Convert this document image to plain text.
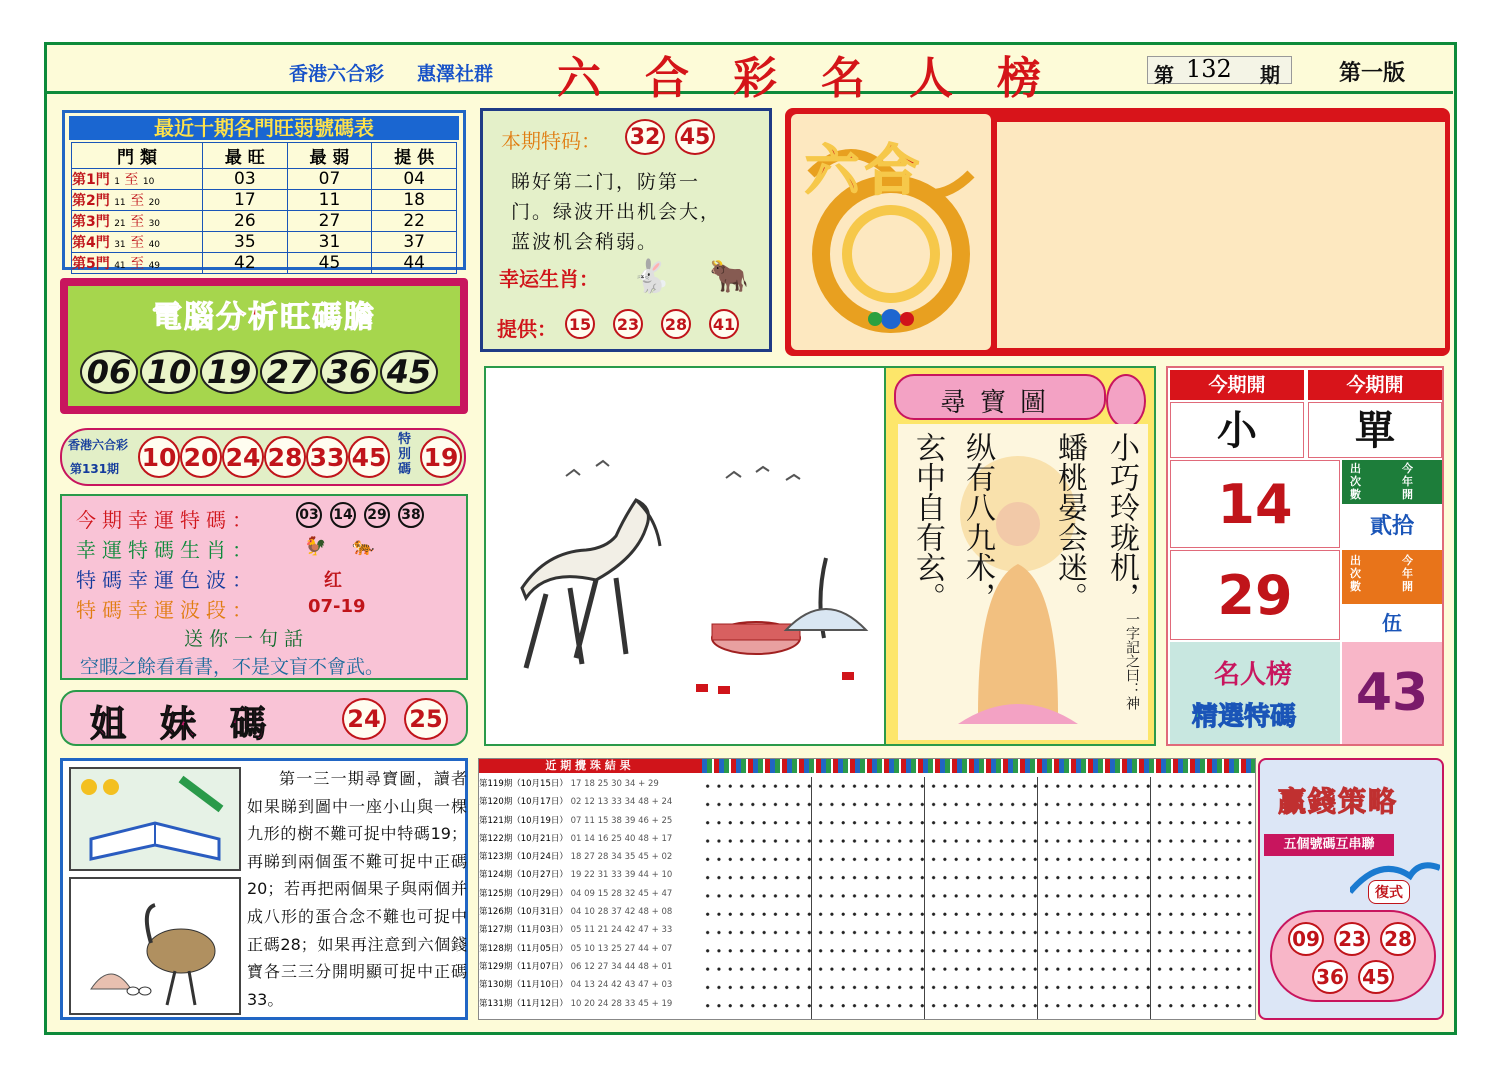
香港六合彩 惠澤社群 六合彩名人榜	第 132 期	第一版
最近十期各門旺弱號碼表
門 類	最 旺	最 弱	提 供
第1門 1 至 10	03	07	04
第2門 11 至 20	17	11	18
第3門 21 至 30	26	27	22
第4門 31 至 40	35	31	37
第5門 41 至 49	42	45	44
電腦分析旺碼膽
06 10 19 27 36 45
香港六合彩
第131期 10 20 24 28 33 45
特別碼 19
今期幸運特碼：	03 14 29 38
幸運特碼生肖：	🐓 🐅
特碼幸運色波：	红
特碼幸運波段：	07-19
送你一句話
空暇之餘看看書，不是文盲不會武。
姐妹碼 24 25
本期特码： 32 45
睇好第二门，防第一
门。绿波开出机会大，
蓝波机会稍弱。
幸运生肖： 🐇 🐂
提供： 15 23 28 41
六合
尋寶圖
小巧玲珑机，
蟠桃晏会迷。
纵有八九术，
玄中自有玄。
一字記之曰：神
今期開	今期開
小	單
14
出次數
今年開
貳拾
29
出次數
今年開
伍
名人榜
精選特碼 43
第一三一期尋寶圖，讀者如果睇到圖中一座小山與一棵九形的樹不難可捉中特碼19；再睇到兩個蛋不難可捉中正碼20；若再把兩個果子與兩個并成八形的蛋合念不難也可捉中正碼28；如果再注意到六個錢寶各三三分開明顯可捉中正碼33。
近 期 攪 珠 結 果
第119期（10月15日） 17 18 25 30 34 + 29
第120期（10月17日） 02 12 13 33 34 48 + 24
第121期（10月19日） 07 11 15 38 39 46 + 25
第122期（10月21日） 01 14 16 25 40 48 + 17
第123期（10月24日） 18 27 28 34 35 45 + 02
第124期（10月27日） 19 22 31 33 39 44 + 10
第125期（10月29日） 04 09 15 28 32 45 + 47
第126期（10月31日） 04 10 28 37 42 48 + 08
第127期（11月03日） 05 11 21 24 42 47 + 33
第128期（11月05日） 05 10 13 25 27 44 + 07
第129期（11月07日） 06 12 27 34 44 48 + 01
第130期（11月10日） 04 13 24 42 43 47 + 03
第131期（11月12日） 10 20 24 28 33 45 + 19
贏錢策略
五個號碼互串聯
復式
09 23 28
36 45
